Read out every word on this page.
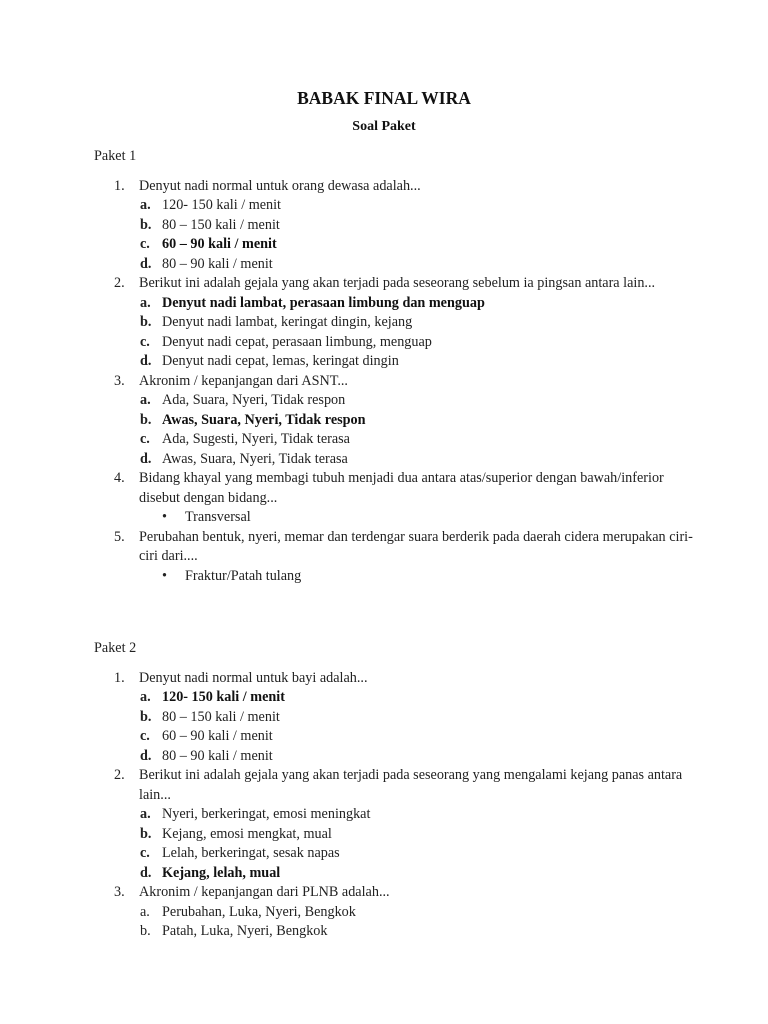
BABAK FINAL WIRA
Soal Paket
Paket 1
1. Denyut nadi normal untuk orang dewasa adalah...
a. 120- 150 kali / menit
b. 80 – 150 kali / menit
c. 60 – 90 kali / menit
d. 80 – 90 kali / menit
2. Berikut ini adalah gejala yang akan terjadi pada seseorang sebelum ia pingsan antara lain...
a. Denyut nadi lambat, perasaan limbung dan menguap
b. Denyut nadi lambat, keringat dingin, kejang
c. Denyut nadi cepat, perasaan limbung, menguap
d. Denyut nadi cepat, lemas, keringat dingin
3. Akronim / kepanjangan dari ASNT...
a. Ada, Suara, Nyeri, Tidak respon
b. Awas, Suara, Nyeri, Tidak respon
c. Ada, Sugesti, Nyeri, Tidak terasa
d. Awas, Suara, Nyeri, Tidak terasa
4. Bidang khayal yang membagi tubuh menjadi dua antara atas/superior dengan bawah/inferior disebut dengan bidang...
• Transversal
5. Perubahan bentuk, nyeri, memar dan terdengar suara berderik pada daerah cidera merupakan ciri-ciri dari....
• Fraktur/Patah tulang
Paket 2
1. Denyut nadi normal untuk bayi adalah...
a. 120- 150 kali / menit
b. 80 – 150 kali / menit
c. 60 – 90 kali / menit
d. 80 – 90 kali / menit
2. Berikut ini adalah gejala yang akan terjadi pada seseorang yang mengalami kejang panas antara lain...
a. Nyeri, berkeringat, emosi meningkat
b. Kejang, emosi mengkat, mual
c. Lelah, berkeringat, sesak napas
d. Kejang, lelah, mual
3. Akronim / kepanjangan dari PLNB adalah...
a. Perubahan, Luka, Nyeri, Bengkok
b. Patah, Luka, Nyeri, Bengkok
